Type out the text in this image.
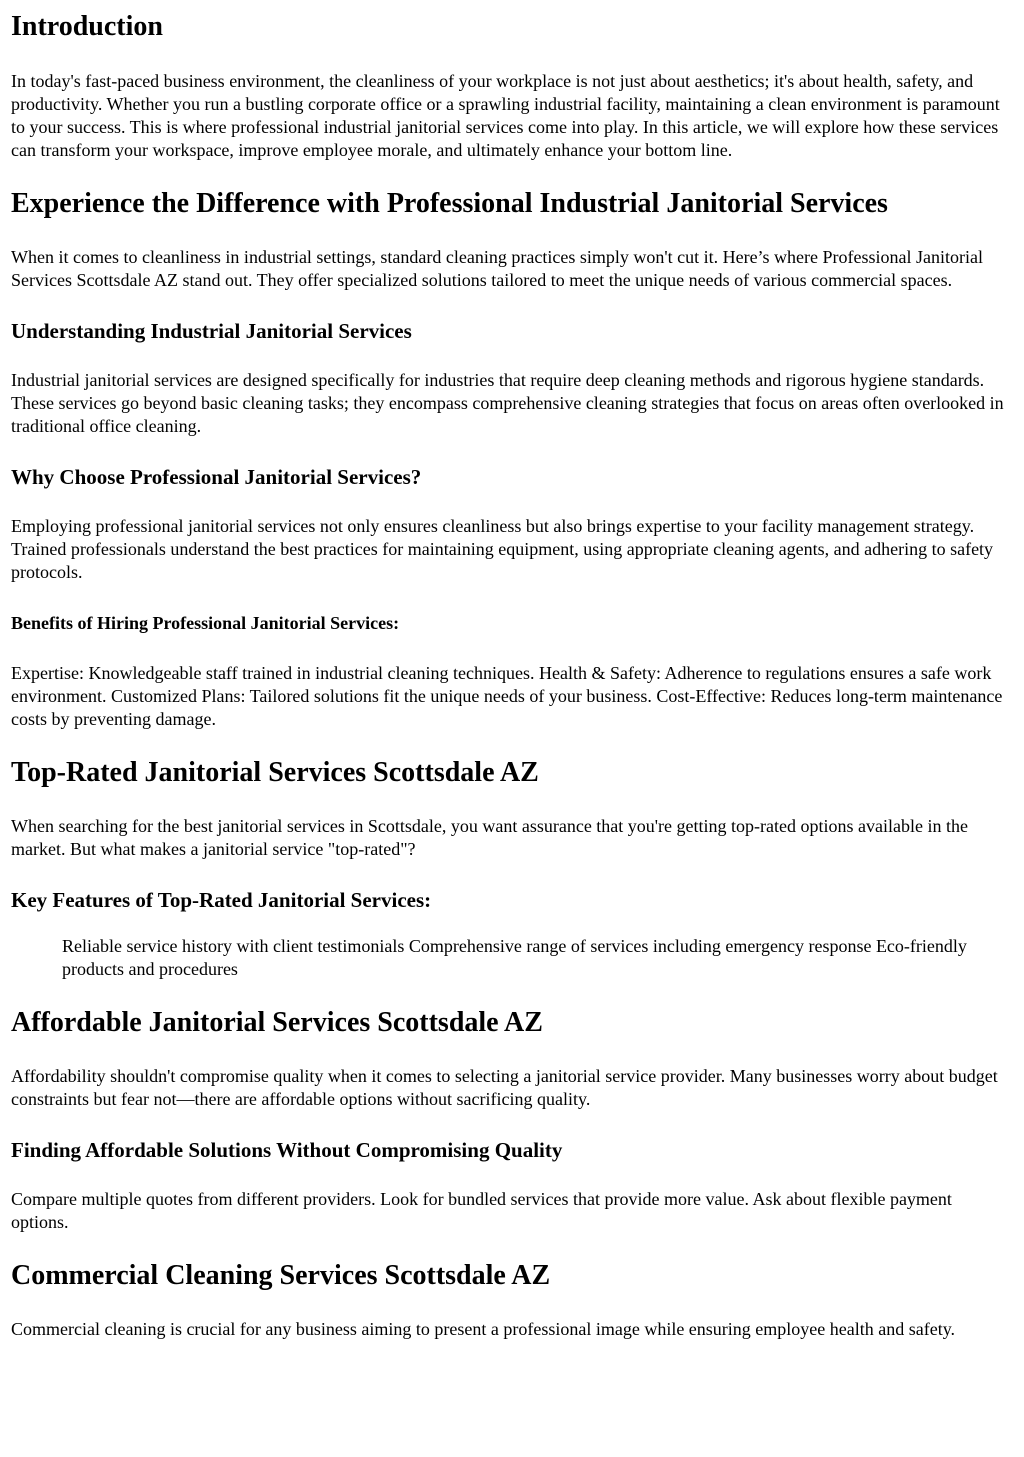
Introduction

In today's fast-paced business environment, the cleanliness of your workplace is not just about aesthetics; it's about health, safety, and productivity. Whether you run a bustling corporate office or a sprawling industrial facility, maintaining a clean environment is paramount to your success. This is where professional industrial janitorial services come into play. In this article, we will explore how these services can transform your workspace, improve employee morale, and ultimately enhance your bottom line.

Experience the Difference with Professional Industrial Janitorial Services

When it comes to cleanliness in industrial settings, standard cleaning practices simply won't cut it. Here’s where Professional Janitorial Services Scottsdale AZ stand out. They offer specialized solutions tailored to meet the unique needs of various commercial spaces.

Understanding Industrial Janitorial Services

Industrial janitorial services are designed specifically for industries that require deep cleaning methods and rigorous hygiene standards. These services go beyond basic cleaning tasks; they encompass comprehensive cleaning strategies that focus on areas often overlooked in traditional office cleaning.

Why Choose Professional Janitorial Services?

Employing professional janitorial services not only ensures cleanliness but also brings expertise to your facility management strategy. Trained professionals understand the best practices for maintaining equipment, using appropriate cleaning agents, and adhering to safety protocols.

Benefits of Hiring Professional Janitorial Services:

Expertise: Knowledgeable staff trained in industrial cleaning techniques. Health & Safety: Adherence to regulations ensures a safe work environment. Customized Plans: Tailored solutions fit the unique needs of your business. Cost-Effective: Reduces long-term maintenance costs by preventing damage.

Top-Rated Janitorial Services Scottsdale AZ

When searching for the best janitorial services in Scottsdale, you want assurance that you're getting top-rated options available in the market. But what makes a janitorial service "top-rated"?

Key Features of Top-Rated Janitorial Services:
Reliable service history with client testimonials Comprehensive range of services including emergency response Eco-friendly products and procedures
Affordable Janitorial Services Scottsdale AZ

Affordability shouldn't compromise quality when it comes to selecting a janitorial service provider. Many businesses worry about budget constraints but fear not—there are affordable options without sacrificing quality.

Finding Affordable Solutions Without Compromising Quality

Compare multiple quotes from different providers. Look for bundled services that provide more value. Ask about flexible payment options.

Commercial Cleaning Services Scottsdale AZ

Commercial cleaning is crucial for any business aiming to present a professional image while ensuring employee health and safety.
